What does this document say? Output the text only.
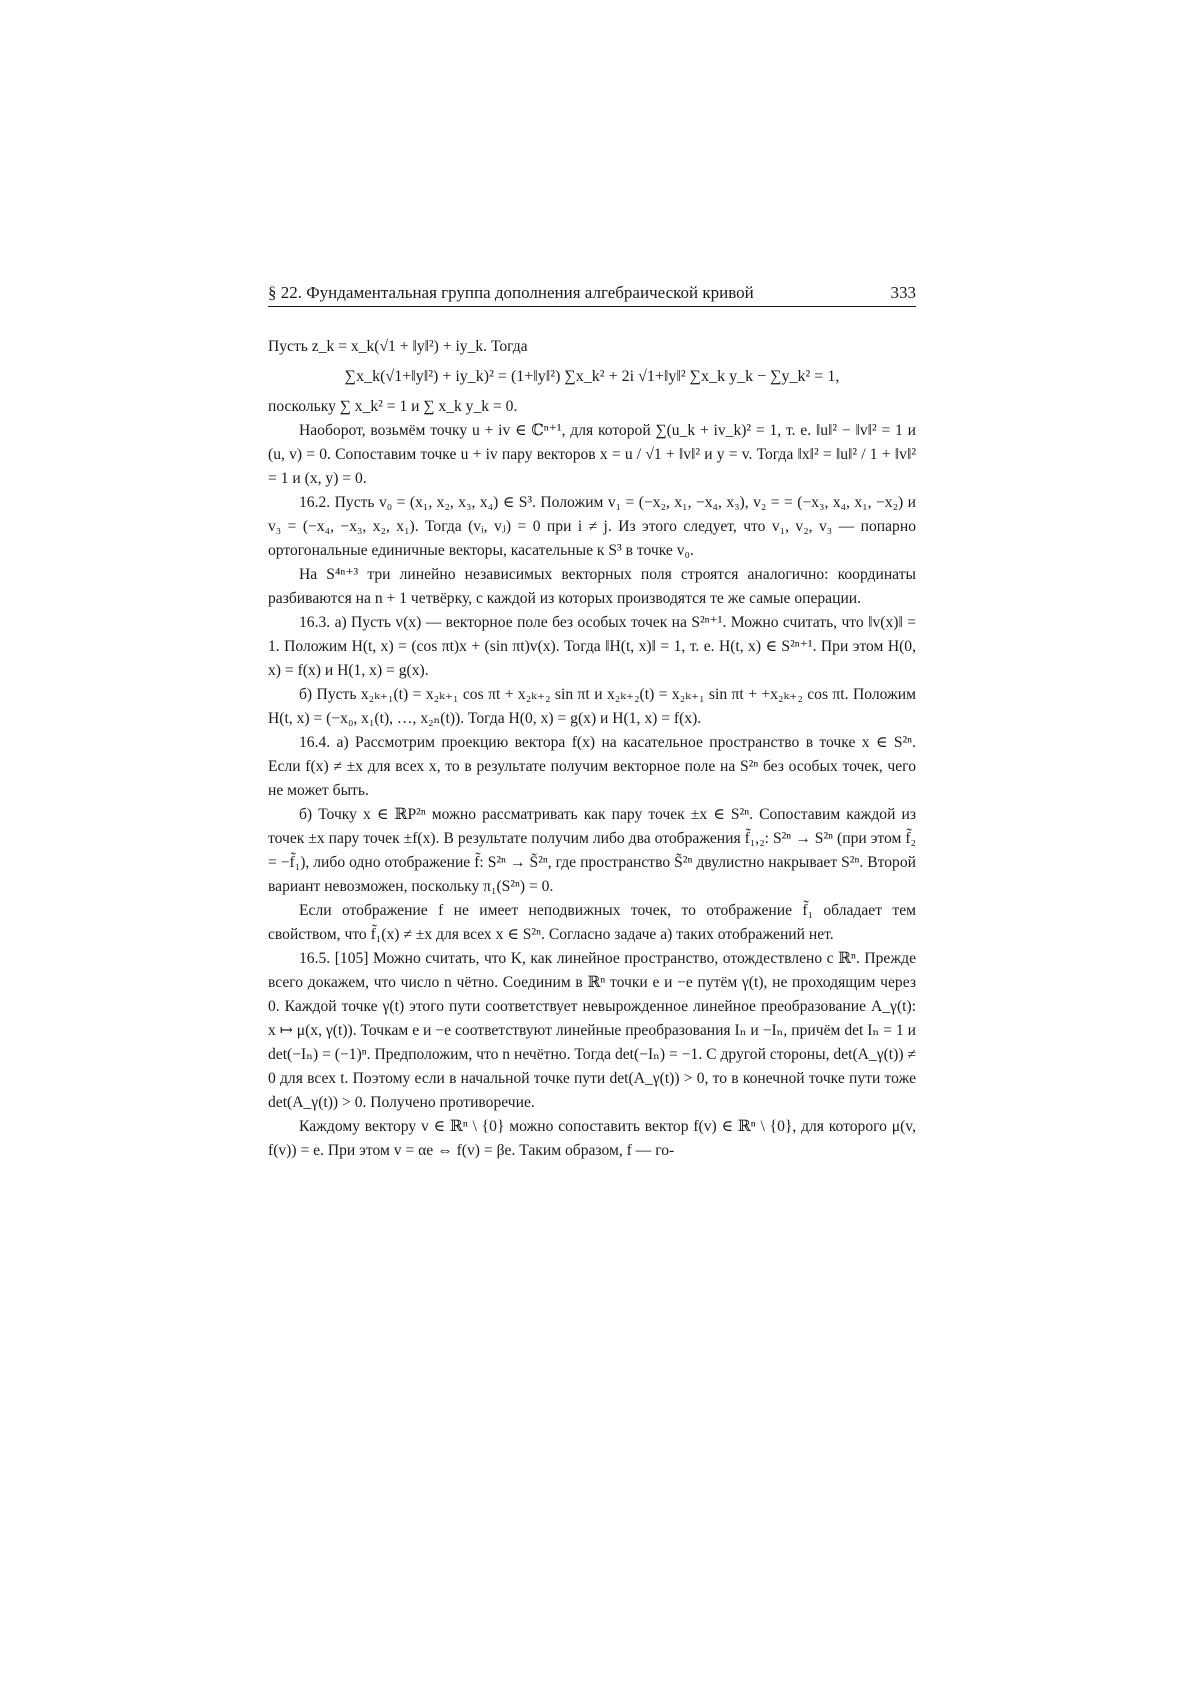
§ 22. Фундаментальная группа дополнения алгебраической кривой	333

Пусть z_k = x_k(√1 + ‖y‖²) + iy_k. Тогда

∑x_k(√1+‖y‖²) + iy_k)² = (1+‖y‖²) ∑x_k² + 2i √1+‖y‖² ∑x_k y_k − ∑y_k² = 1,

поскольку ∑ x_k² = 1 и ∑ x_k y_k = 0.

Наоборот, возьмём точку u + iv ∈ ℂⁿ⁺¹, для которой ∑(u_k + iv_k)² = 1, т. е. ‖u‖² − ‖v‖² = 1 и (u, v) = 0. Сопоставим точке u + iv пару векторов x = u / √1 + ‖v‖² и y = v. Тогда ‖x‖² = ‖u‖² / 1 + ‖v‖² = 1 и (x, y) = 0.

16.2. Пусть v₀ = (x₁, x₂, x₃, x₄) ∈ S³. Положим v₁ = (−x₂, x₁, −x₄, x₃), v₂ = = (−x₃, x₄, x₁, −x₂) и v₃ = (−x₄, −x₃, x₂, x₁). Тогда (vᵢ, vⱼ) = 0 при i ≠ j. Из этого следует, что v₁, v₂, v₃ — попарно ортогональные единичные векторы, касательные к S³ в точке v₀.

На S⁴ⁿ⁺³ три линейно независимых векторных поля строятся аналогично: координаты разбиваются на n + 1 четвёрку, с каждой из которых производятся те же самые операции.

16.3. а) Пусть v(x) — векторное поле без особых точек на S²ⁿ⁺¹. Можно считать, что ‖v(x)‖ = 1. Положим H(t, x) = (cos πt)x + (sin πt)v(x). Тогда ‖H(t, x)‖ = 1, т. е. H(t, x) ∈ S²ⁿ⁺¹. При этом H(0, x) = f(x) и H(1, x) = g(x).

б) Пусть x₂ₖ₊₁(t) = x₂ₖ₊₁ cos πt + x₂ₖ₊₂ sin πt и x₂ₖ₊₂(t) = x₂ₖ₊₁ sin πt + +x₂ₖ₊₂ cos πt. Положим H(t, x) = (−x₀, x₁(t), …, x₂ₙ(t)). Тогда H(0, x) = g(x) и H(1, x) = f(x).

16.4. а) Рассмотрим проекцию вектора f(x) на касательное пространство в точке x ∈ S²ⁿ. Если f(x) ≠ ±x для всех x, то в результате получим векторное поле на S²ⁿ без особых точек, чего не может быть.

б) Точку x ∈ ℝP²ⁿ можно рассматривать как пару точек ±x ∈ S²ⁿ. Сопоставим каждой из точек ±x пару точек ±f(x). В результате получим либо два отображения f̃₁,₂: S²ⁿ → S²ⁿ (при этом f̃₂ = −f̃₁), либо одно отображение f̃: S²ⁿ → S̃²ⁿ, где пространство S̃²ⁿ двулистно накрывает S²ⁿ. Второй вариант невозможен, поскольку π₁(S²ⁿ) = 0.

Если отображение f не имеет неподвижных точек, то отображение f̃₁ обладает тем свойством, что f̃₁(x) ≠ ±x для всех x ∈ S²ⁿ. Согласно задаче а) таких отображений нет.

16.5. [105] Можно считать, что K, как линейное пространство, отождествлено с ℝⁿ. Прежде всего докажем, что число n чётно. Соединим в ℝⁿ точки e и −e путём γ(t), не проходящим через 0. Каждой точке γ(t) этого пути соответствует невырожденное линейное преобразование A_γ(t): x ↦ μ(x, γ(t)). Точкам e и −e соответствуют линейные преобразования Iₙ и −Iₙ, причём det Iₙ = 1 и det(−Iₙ) = (−1)ⁿ. Предположим, что n нечётно. Тогда det(−Iₙ) = −1. С другой стороны, det(A_γ(t)) ≠ 0 для всех t. Поэтому если в начальной точке пути det(A_γ(t)) > 0, то в конечной точке пути тоже det(A_γ(t)) > 0. Получено противоречие.

Каждому вектору v ∈ ℝⁿ \ {0} можно сопоставить вектор f(v) ∈ ℝⁿ \ {0}, для которого μ(v, f(v)) = e. При этом v = αe ⇔ f(v) = βe. Таким образом, f — го-
